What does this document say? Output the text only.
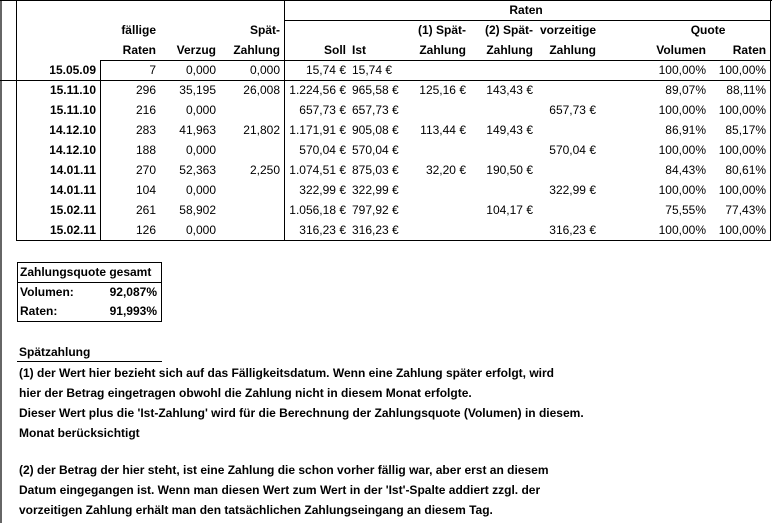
					Raten						
		fällige		Spät-			(1) Spät-	(2) Spät-	vorzeitige	Quote	
		Raten	Verzug	Zahlung	Soll	Ist	Zahlung	Zahlung	Zahlung	Volumen	Raten
	15.05.09	7	0,000	0,000	15,74 €	15,74 €				100,00%	100,00%
	15.11.10	296	35,195	26,008	1.224,56 €	965,58 €	125,16 €	143,43 €		89,07%	88,11%
	15.11.10	216	0,000		657,73 €	657,73 €			657,73 €	100,00%	100,00%
	14.12.10	283	41,963	21,802	1.171,91 €	905,08 €	113,44 €	149,43 €		86,91%	85,17%
	14.12.10	188	0,000		570,04 €	570,04 €			570,04 €	100,00%	100,00%
	14.01.11	270	52,363	2,250	1.074,51 €	875,03 €	32,20 €	190,50 €		84,43%	80,61%
	14.01.11	104	0,000		322,99 €	322,99 €			322,99 €	100,00%	100,00%
	15.02.11	261	58,902		1.056,18 €	797,92 €		104,17 €		75,55%	77,43%
	15.02.11	126	0,000		316,23 €	316,23 €			316,23 €	100,00%	100,00%
Zahlungsquote gesamt
Volumen:	92,087%
Raten:	91,993%
Spätzahlung
(1) der Wert hier bezieht sich auf das Fälligkeitsdatum. Wenn eine Zahlung später erfolgt, wird
hier der Betrag eingetragen obwohl die Zahlung nicht in diesem Monat erfolgte.
Dieser Wert plus die 'Ist-Zahlung' wird für die Berechnung der Zahlungsquote (Volumen) in diesem.
Monat berücksichtigt
(2) der Betrag der hier steht, ist eine Zahlung die schon vorher fällig war, aber erst an diesem
Datum eingegangen ist. Wenn man diesen Wert zum Wert in der 'Ist'-Spalte addiert zzgl. der
vorzeitigen Zahlung erhält man den tatsächlichen Zahlungseingang an diesem Tag.
